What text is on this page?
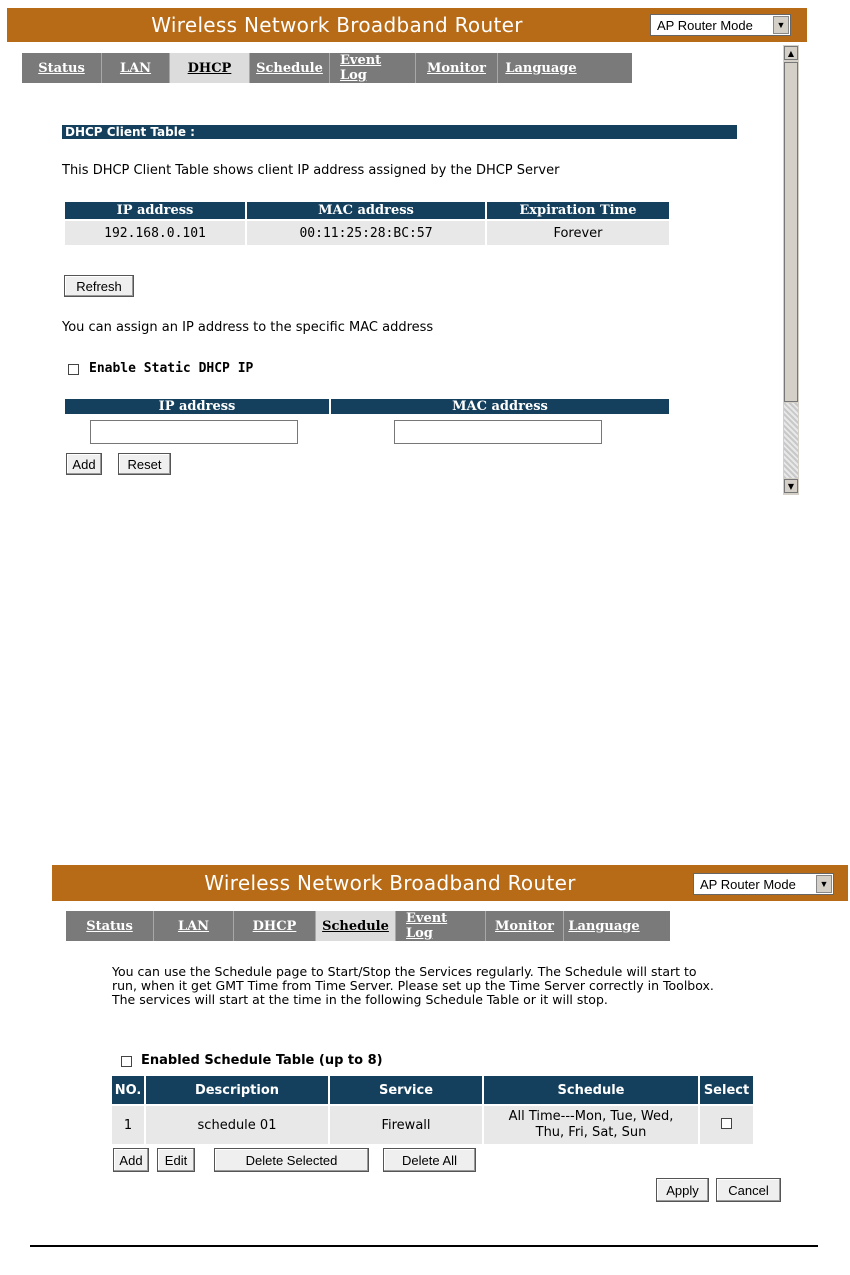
Wireless Network Broadband Router	AP Router Mode	▼
Status	LAN	DHCP Schedule Event Log	Monitor Language
▲
▼
DHCP Client Table :
This DHCP Client Table shows client IP address assigned by the DHCP Server
IP address	MAC address	Expiration Time
192.168.0.101	00:11:25:28:BC:57	Forever
Refresh
You can assign an IP address to the specific MAC address
Enable Static DHCP IP
IP address	MAC address
Add	Reset
Wireless Network Broadband Router	AP Router Mode	▼
Status	LAN	DHCP Schedule Event Log	Monitor Language
You can use the Schedule page to Start/Stop the Services regularly. The Schedule will start to
run, when it get GMT Time from Time Server. Please set up the Time Server correctly in Toolbox.
The services will start at the time in the following Schedule Table or it will stop.
Enabled Schedule Table (up to 8)
NO.	Description	Service	Schedule	Select
1	schedule 01	Firewall	All Time---Mon, Tue, Wed,
Thu, Fri, Sat, Sun	

Add	Edit	Delete Selected	Delete All
Apply	Cancel
